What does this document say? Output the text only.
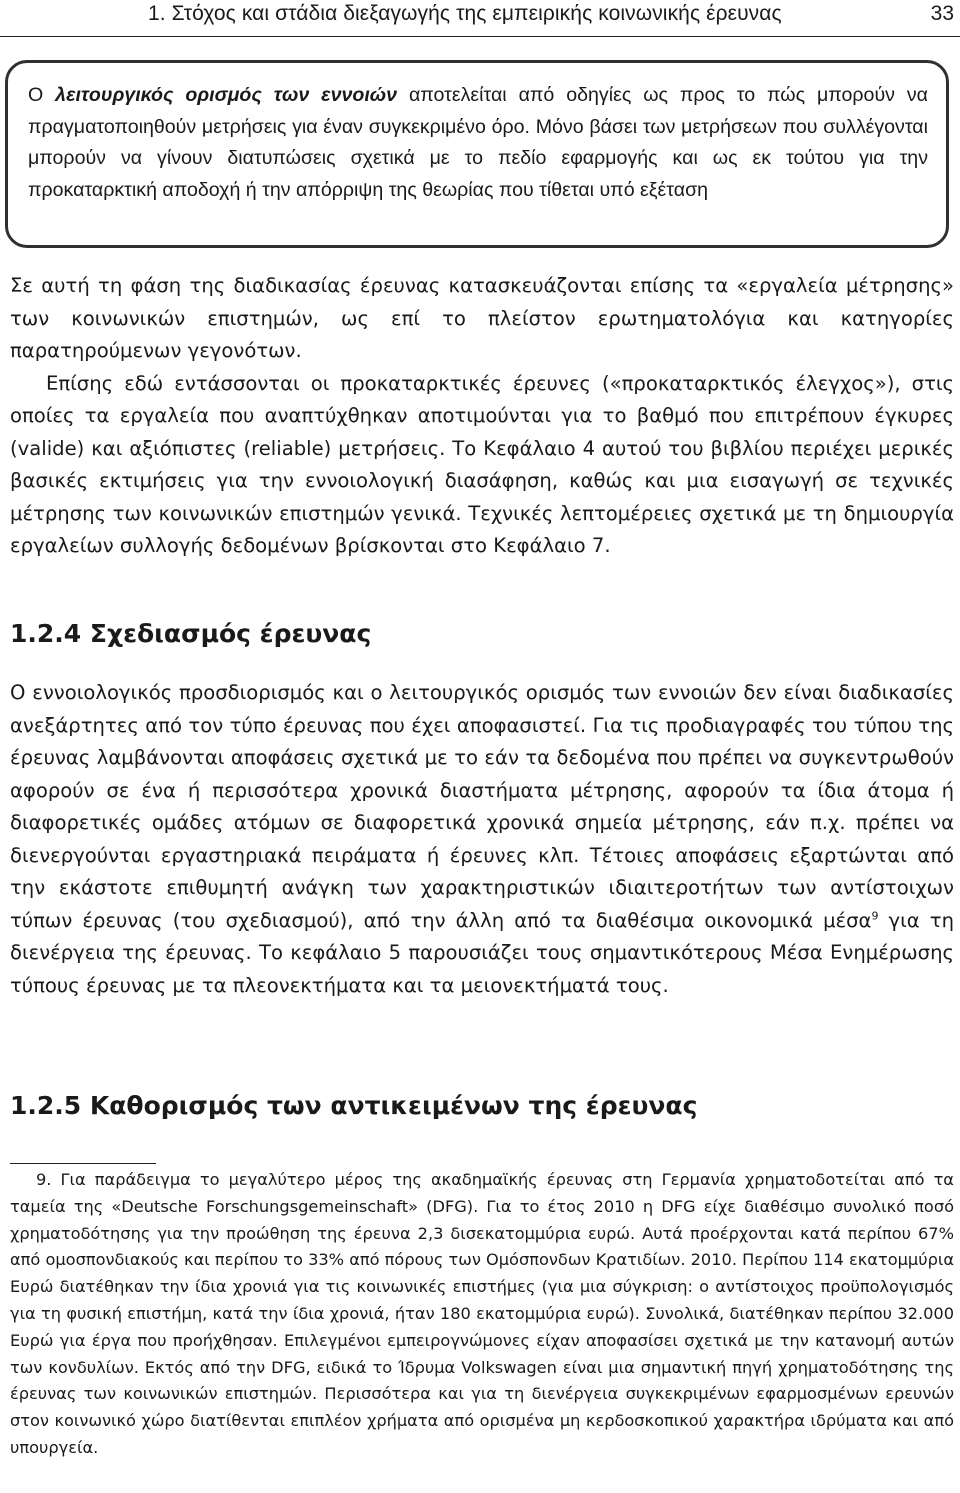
1. Στόχος και στάδια διεξαγωγής της εμπειρικής κοινωνικής έρευνας	33
Ο λειτουργικός ορισμός των εννοιών αποτελείται από οδηγίες ως προς το πώς μπορούν να πραγματοποιηθούν μετρήσεις για έναν συγκεκριμένο όρο. Μόνο βάσει των μετρήσεων που συλλέγονται μπορούν να γίνουν διατυπώσεις σχετικά με το πεδίο εφαρμογής και ως εκ τούτου για την προκαταρκτική αποδοχή ή την απόρριψη της θεωρίας που τίθεται υπό εξέταση

Σε αυτή τη φάση της διαδικασίας έρευνας κατασκευάζονται επίσης τα «εργαλεία μέτρησης» των κοινωνικών επιστημών, ως επί το πλείστον ερωτηματολόγια και κατηγορίες παρατηρούμενων γεγονότων.

Επίσης εδώ εντάσσονται οι προκαταρκτικές έρευνες («προκαταρκτικός έλεγχος»), στις οποίες τα εργαλεία που αναπτύχθηκαν αποτιμούνται για το βαθμό που επιτρέπουν έγκυρες (valide) και αξιόπιστες (reliable) μετρήσεις. Το Κεφάλαιο 4 αυτού του βιβλίου περιέχει μερικές βασικές εκτιμήσεις για την εννοιολογική διασάφηση, καθώς και μια εισαγωγή σε τεχνικές μέτρησης των κοινωνικών επιστημών γενικά. Τεχνικές λεπτομέρειες σχετικά με τη δημιουργία εργαλείων συλλογής δεδομένων βρίσκονται στο Κεφάλαιο 7.

1.2.4 Σχεδιασμός έρευνας

Ο εννοιολογικός προσδιορισμός και ο λειτουργικός ορισμός των εννοιών δεν είναι διαδικασίες ανεξάρτητες από τον τύπο έρευνας που έχει αποφασιστεί. Για τις προδιαγραφές του τύπου της έρευνας λαμβάνονται αποφάσεις σχετικά με το εάν τα δεδομένα που πρέπει να συγκεντρωθούν αφορούν σε ένα ή περισσότερα χρονικά διαστήματα μέτρησης, αφορούν τα ίδια άτομα ή διαφορετικές ομάδες ατόμων σε διαφορετικά χρονικά σημεία μέτρησης, εάν π.χ. πρέπει να διενεργούνται εργαστηριακά πειράματα ή έρευνες κλπ. Τέτοιες αποφάσεις εξαρτώνται από την εκάστοτε επιθυμητή ανάγκη των χαρακτηριστικών ιδιαιτεροτήτων των αντίστοιχων τύπων έρευνας (του σχεδιασμού), από την άλλη από τα διαθέσιμα οικονομικά μέσα$^9$ για τη διενέργεια της έρευνας. Το κεφάλαιο 5 παρουσιάζει τους σημαντικότερους Μέσα Ενημέρωσης τύπους έρευνας με τα πλεονεκτήματα και τα μειονεκτήματά τους.

1.2.5 Καθορισμός των αντικειμένων της έρευνας
9. Για παράδειγμα το μεγαλύτερο μέρος της ακαδημαϊκής έρευνας στη Γερμανία χρηματοδοτείται από τα ταμεία της «Deutsche Forschungsgemeinschaft» (DFG). Για το έτος 2010 η DFG είχε διαθέσιμο συνολικό ποσό χρηματοδότησης για την προώθηση της έρευνα 2,3 δισεκατομμύρια ευρώ. Αυτά προέρχονται κατά περίπου 67% από ομοσπονδιακούς και περίπου το 33% από πόρους των Ομόσπονδων Κρατιδίων. 2010. Περίπου 114 εκατομμύρια Ευρώ διατέθηκαν την ίδια χρονιά για τις κοινωνικές επιστήμες (για μια σύγκριση: ο αντίστοιχος προϋπολογισμός για τη φυσική επιστήμη, κατά την ίδια χρονιά, ήταν 180 εκατομμύρια ευρώ). Συνολικά, διατέθηκαν περίπου 32.000 Ευρώ για έργα που προήχθησαν. Επιλεγμένοι εμπειρογνώμονες είχαν αποφασίσει σχετικά με την κατανομή αυτών των κονδυλίων. Εκτός από την DFG, ειδικά το Ίδρυμα Volkswagen είναι μια σημαντική πηγή χρηματοδότησης της έρευνας των κοινωνικών επιστημών. Περισσότερα και για τη διενέργεια συγκεκριμένων εφαρμοσμένων ερευνών στον κοινωνικό χώρο διατίθενται επιπλέον χρήματα από ορισμένα μη κερδοσκοπικού χαρακτήρα ιδρύματα και από υπουργεία.
